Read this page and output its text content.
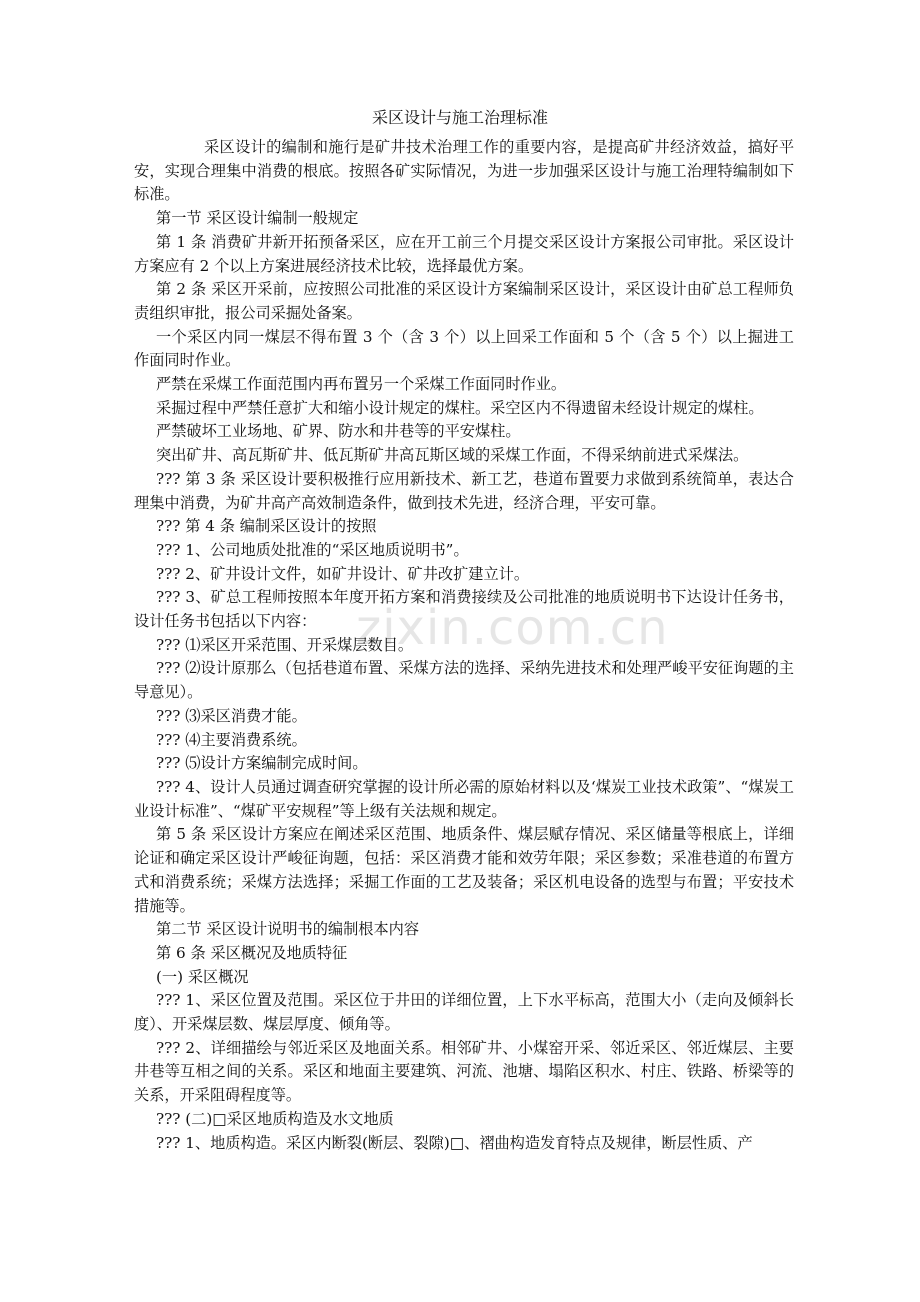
采区设计与施工治理标准
zixin.com.cn

采区设计的编制和施行是矿井技术治理工作的重要内容，是提高矿井经济效益，搞好平安，实现合理集中消费的根底。按照各矿实际情况，为进一步加强采区设计与施工治理特编制如下标准。

第一节 采区设计编制一般规定

第 1 条 消费矿井新开拓预备采区，应在开工前三个月提交采区设计方案报公司审批。采区设计方案应有 2 个以上方案进展经济技术比较，选择最优方案。

第 2 条 采区开采前，应按照公司批准的采区设计方案编制采区设计，采区设计由矿总工程师负责组织审批，报公司采掘处备案。

一个采区内同一煤层不得布置 3 个（含 3 个）以上回采工作面和 5 个（含 5 个）以上掘进工作面同时作业。

严禁在采煤工作面范围内再布置另一个采煤工作面同时作业。

采掘过程中严禁任意扩大和缩小设计规定的煤柱。采空区内不得遗留未经设计规定的煤柱。

严禁破坏工业场地、矿界、防水和井巷等的平安煤柱。

突出矿井、高瓦斯矿井、低瓦斯矿井高瓦斯区域的采煤工作面，不得采纳前进式采煤法。

??? 第 3 条 采区设计要积极推行应用新技术、新工艺，巷道布置要力求做到系统简单，表达合理集中消费，为矿井高产高效制造条件，做到技术先进，经济合理，平安可靠。

??? 第 4 条 编制采区设计的按照

??? 1、公司地质处批准的“采区地质说明书”。

??? 2、矿井设计文件，如矿井设计、矿井改扩建立计。

??? 3、矿总工程师按照本年度开拓方案和消费接续及公司批准的地质说明书下达设计任务书，设计任务书包括以下内容：

??? ⑴采区开采范围、开采煤层数目。

??? ⑵设计原那么（包括巷道布置、采煤方法的选择、采纳先进技术和处理严峻平安征询题的主导意见）。

??? ⑶采区消费才能。

??? ⑷主要消费系统。

??? ⑸设计方案编制完成时间。

??? 4、设计人员通过调查研究掌握的设计所必需的原始材料以及‘煤炭工业技术政策”、“煤炭工业设计标准”、“煤矿平安规程”等上级有关法规和规定。

第 5 条 采区设计方案应在阐述采区范围、地质条件、煤层赋存情况、采区储量等根底上，详细论证和确定采区设计严峻征询题，包括：采区消费才能和效劳年限；采区参数；采准巷道的布置方式和消费系统；采煤方法选择；采掘工作面的工艺及装备；采区机电设备的选型与布置；平安技术措施等。

第二节 采区设计说明书的编制根本内容

第 6 条 采区概况及地质特征

(一) 采区概况

??? 1、采区位置及范围。采区位于井田的详细位置，上下水平标高，范围大小（走向及倾斜长度）、开采煤层数、煤层厚度、倾角等。

??? 2、详细描绘与邻近采区及地面关系。相邻矿井、小煤窑开采、邻近采区、邻近煤层、主要井巷等互相之间的关系。采区和地面主要建筑、河流、池塘、塌陷区积水、村庄、铁路、桥梁等的关系，开采阻碍程度等。

??? (二)□采区地质构造及水文地质

??? 1、地质构造。采区内断裂(断层、裂隙)□、褶曲构造发育特点及规律，断层性质、产
